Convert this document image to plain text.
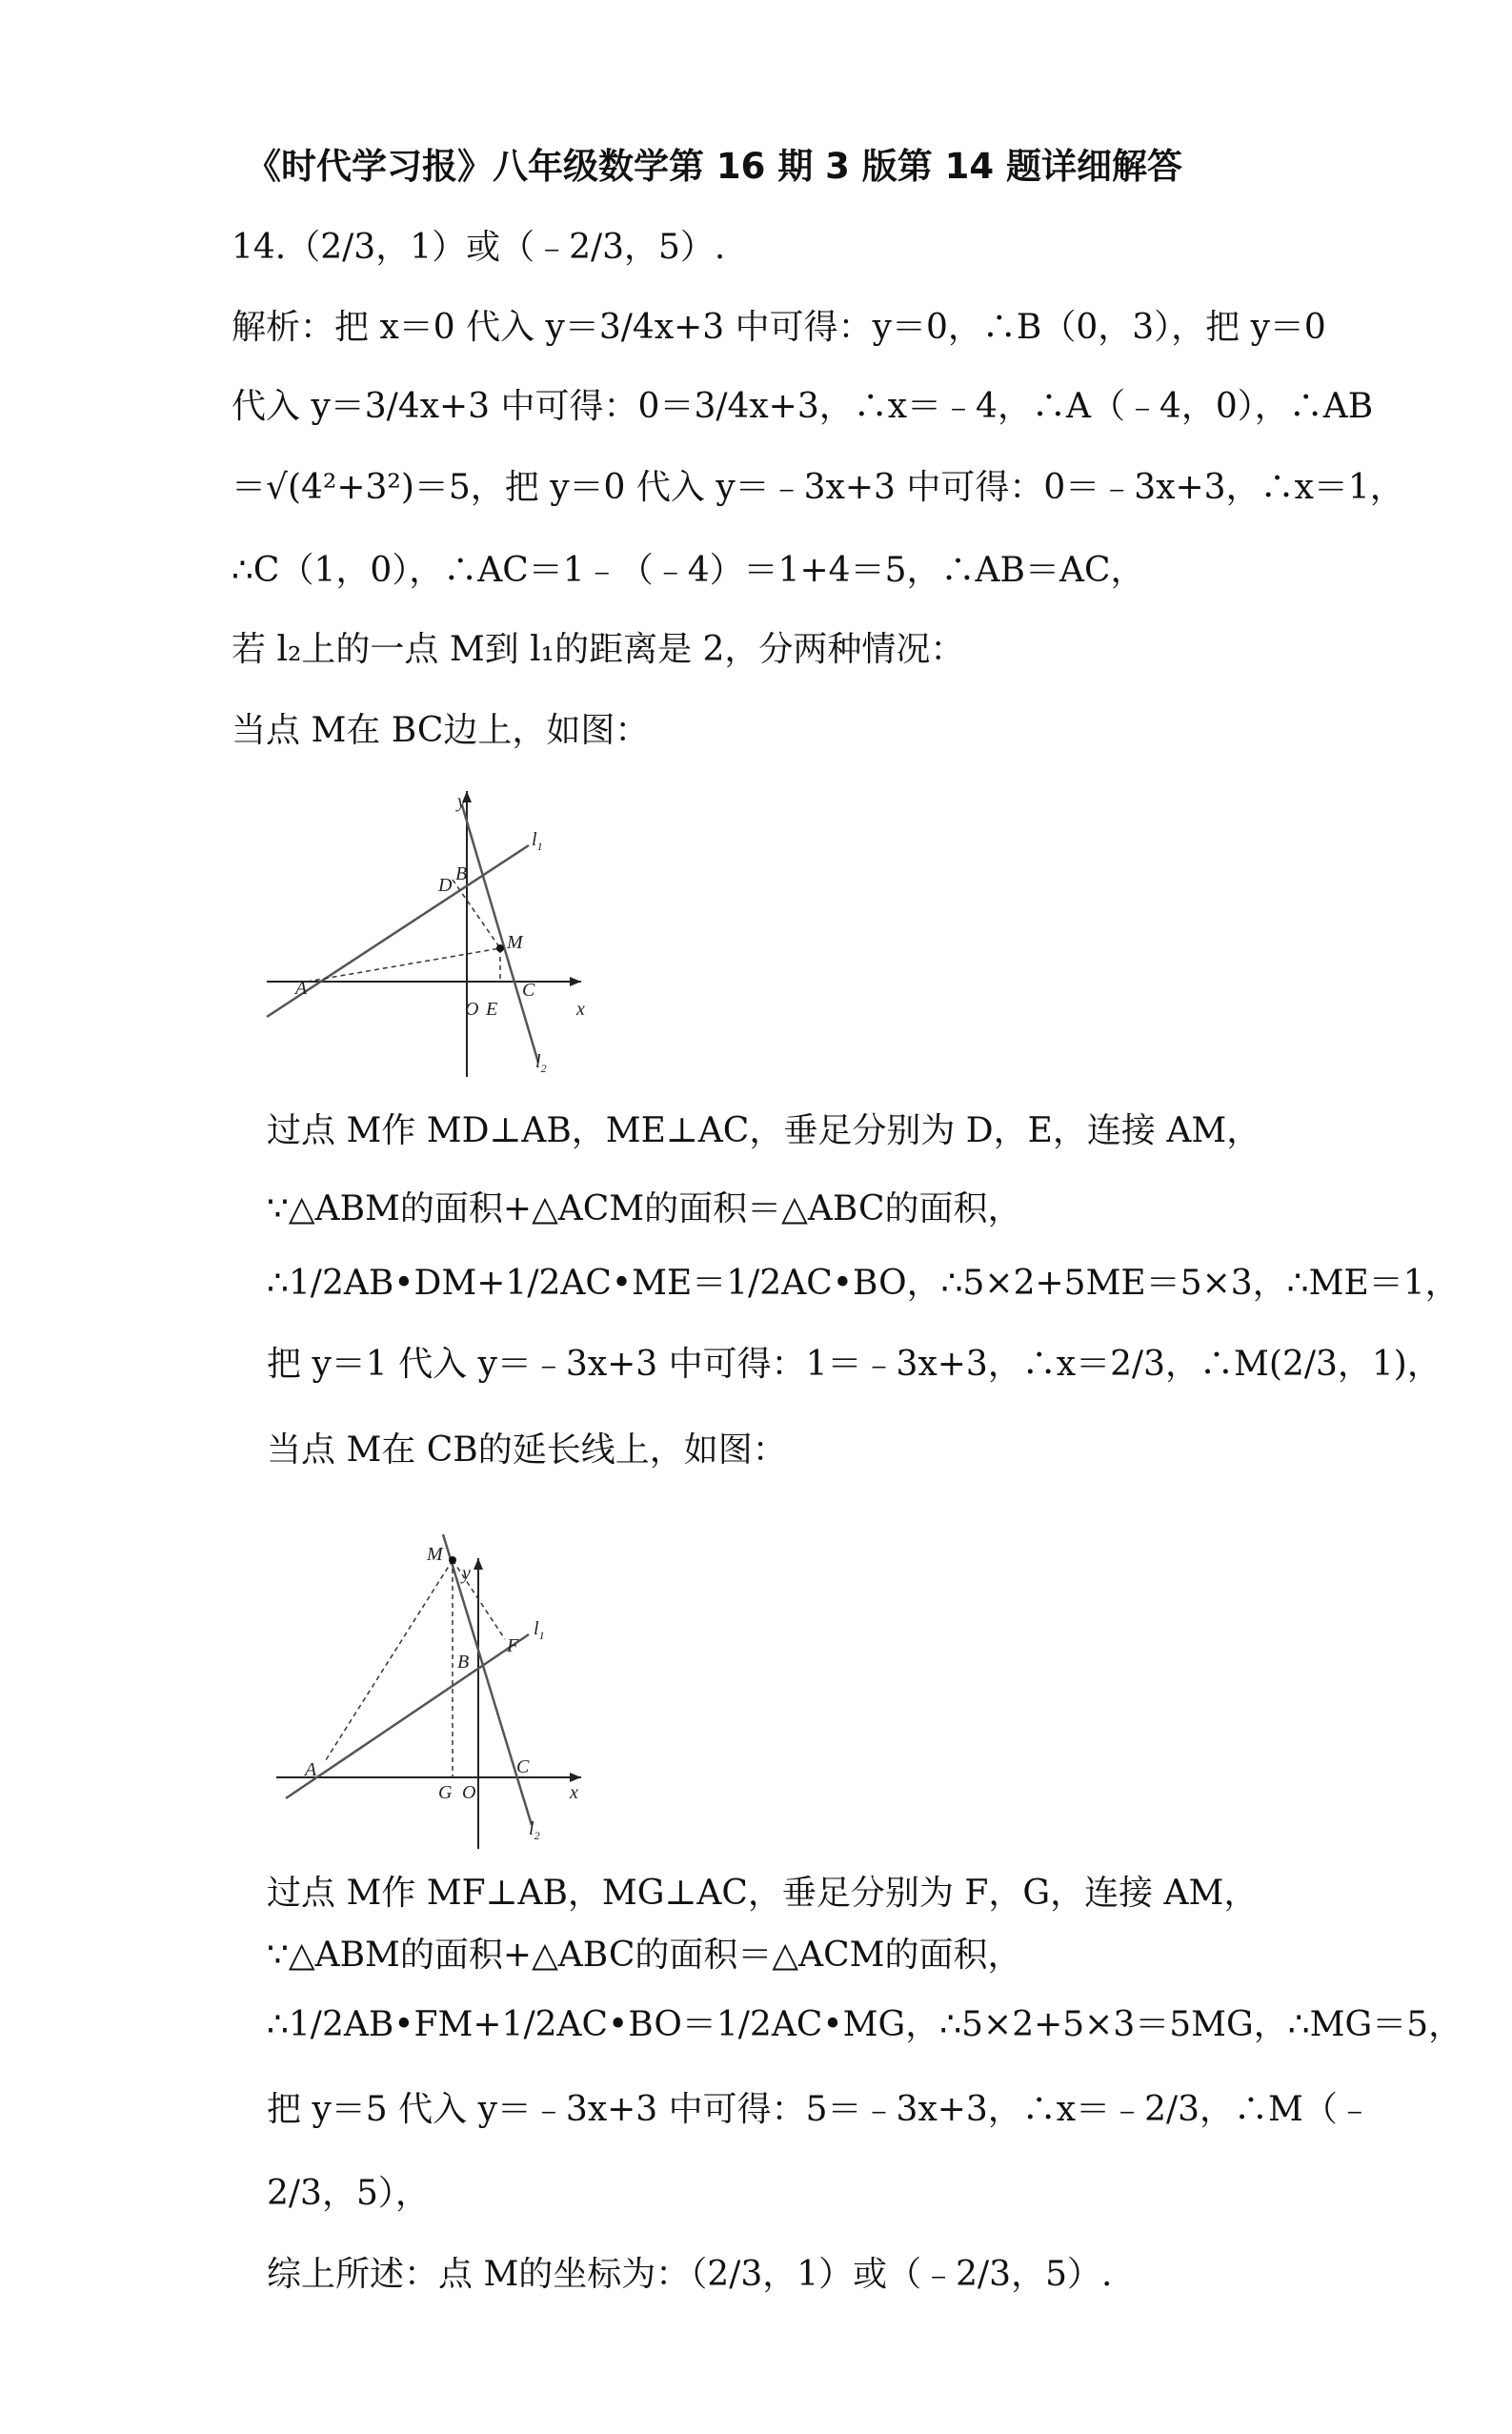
《时代学习报》八年级数学第 16 期 3 版第 14 题详细解答
14.（2/3，1）或（﹣2/3，5）.
解析：把 x＝0 代入 y＝3/4x+3 中可得：y＝0，∴B（0，3），把 y＝0
代入 y＝3/4x+3 中可得：0＝3/4x+3，∴x＝﹣4，∴A（﹣4，0），∴AB
＝√(4²+3²)＝5，把 y＝0 代入 y＝﹣3x+3 中可得：0＝﹣3x+3，∴x＝1，
∴C（1，0），∴AC＝1﹣（﹣4）＝1+4＝5，∴AB＝AC，
若 l₂上的一点 M到 l₁的距离是 2，分两种情况：
当点 M在 BC边上，如图：
y
$l_1$
B
D
M
A
O E
C
x
$l_2$
过点 M作 MD⊥AB，ME⊥AC，垂足分别为 D，E，连接 AM，
∵△ABM的面积+△ACM的面积＝△ABC的面积，
∴1/2AB•DM+1/2AC•ME＝1/2AC•BO，∴5×2+5ME＝5×3，∴ME＝1，
把 y＝1 代入 y＝﹣3x+3 中可得：1＝﹣3x+3，∴x＝2/3，∴M(2/3，1)，
当点 M在 CB的延长线上，如图：
M
y
$l_1$
F
B
A	C
G O	x
$l_2$
过点 M作 MF⊥AB，MG⊥AC，垂足分别为 F，G，连接 AM，
∵△ABM的面积+△ABC的面积＝△ACM的面积，
∴1/2AB•FM+1/2AC•BO＝1/2AC•MG，∴5×2+5×3＝5MG，∴MG＝5，
把 y＝5 代入 y＝﹣3x+3 中可得：5＝﹣3x+3，∴x＝﹣2/3，∴M（﹣
2/3，5），
综上所述：点 M的坐标为：（2/3，1）或（﹣2/3，5）.
